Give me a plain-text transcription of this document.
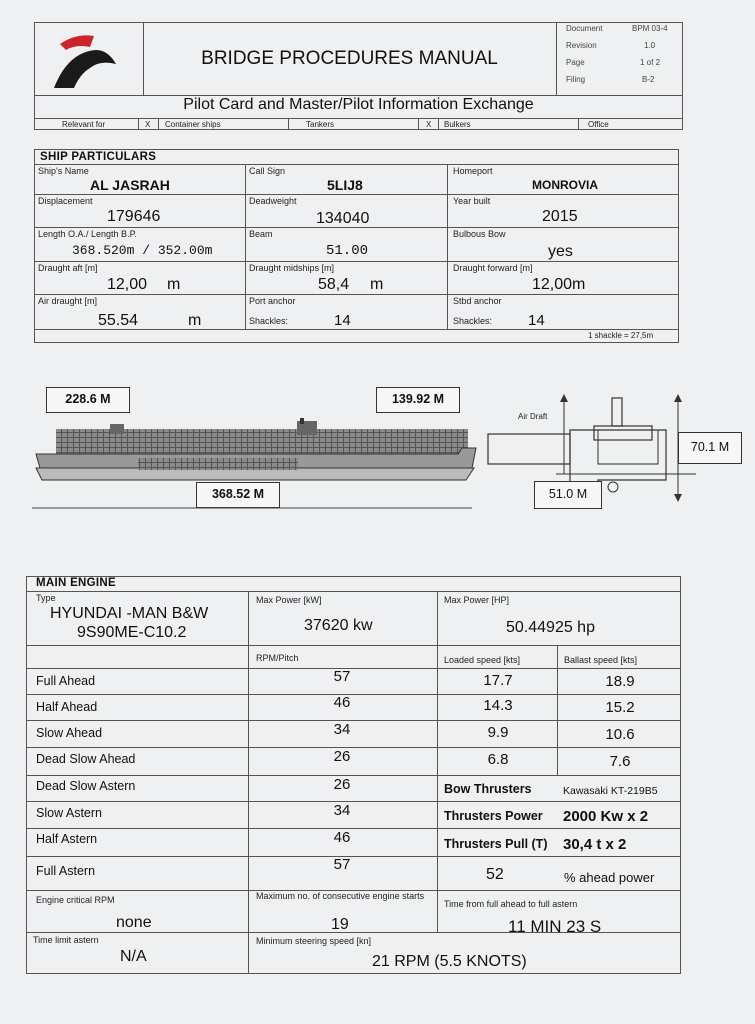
BRIDGE PROCEDURES MANUAL
Document	BPM 03-4
Revision	1.0
Page	1 of 2
Filing	B-2
Pilot Card and Master/Pilot Information Exchange
Relevant for	X Container ships	Tankers	X Bulkers	Office
SHIP PARTICULARS
Ship's Name
AL JASRAH
Call Sign
5LIJ8
Homeport
MONROVIA
Displacement
179646
Deadweight
134040
Year built
2015
Length O.A./ Length B.P.
368.520m / 352.00m
Beam
51.00
Bulbous Bow
yes
Draught aft [m]
12,00 m
Draught midships [m]
58,4 m
Draught forward [m]
12,00m
Air draught [m]
55.54	m
Port anchor
Shackles:	14
Stbd anchor
Shackles: 14
1 shackle = 27,5m
228.6 M	139.92 M
368.52 M
Air Draft
70.1 M
51.0 M
MAIN ENGINE
Type
HYUNDAI -MAN B&W
9S90ME-C10.2
Max Power [kW]
37620 kw
Max Power [HP]
50.44925 hp
RPM/Pitch	Loaded speed [kts]	Ballast speed [kts]
Full Ahead	57	17.7	18.9
Half Ahead	46	14.3	15.2
Slow Ahead	34	9.9	10.6
Dead Slow Ahead	26	6.8	7.6
Dead Slow Astern	26	Bow Thrusters	Kawasaki KT-219B5
Slow Astern	34	Thrusters Power 2000 Kw x 2
Half Astern	46	Thrusters Pull (T) 30,4 t x 2
Full Astern	57
52	% ahead power
Engine critical RPM
none
Maximum no. of consecutive engine starts
19
Time from full ahead to full astern
11 MIN 23 S
Time limit astern
N/A
Minimum steering speed [kn]
21 RPM (5.5 KNOTS)
